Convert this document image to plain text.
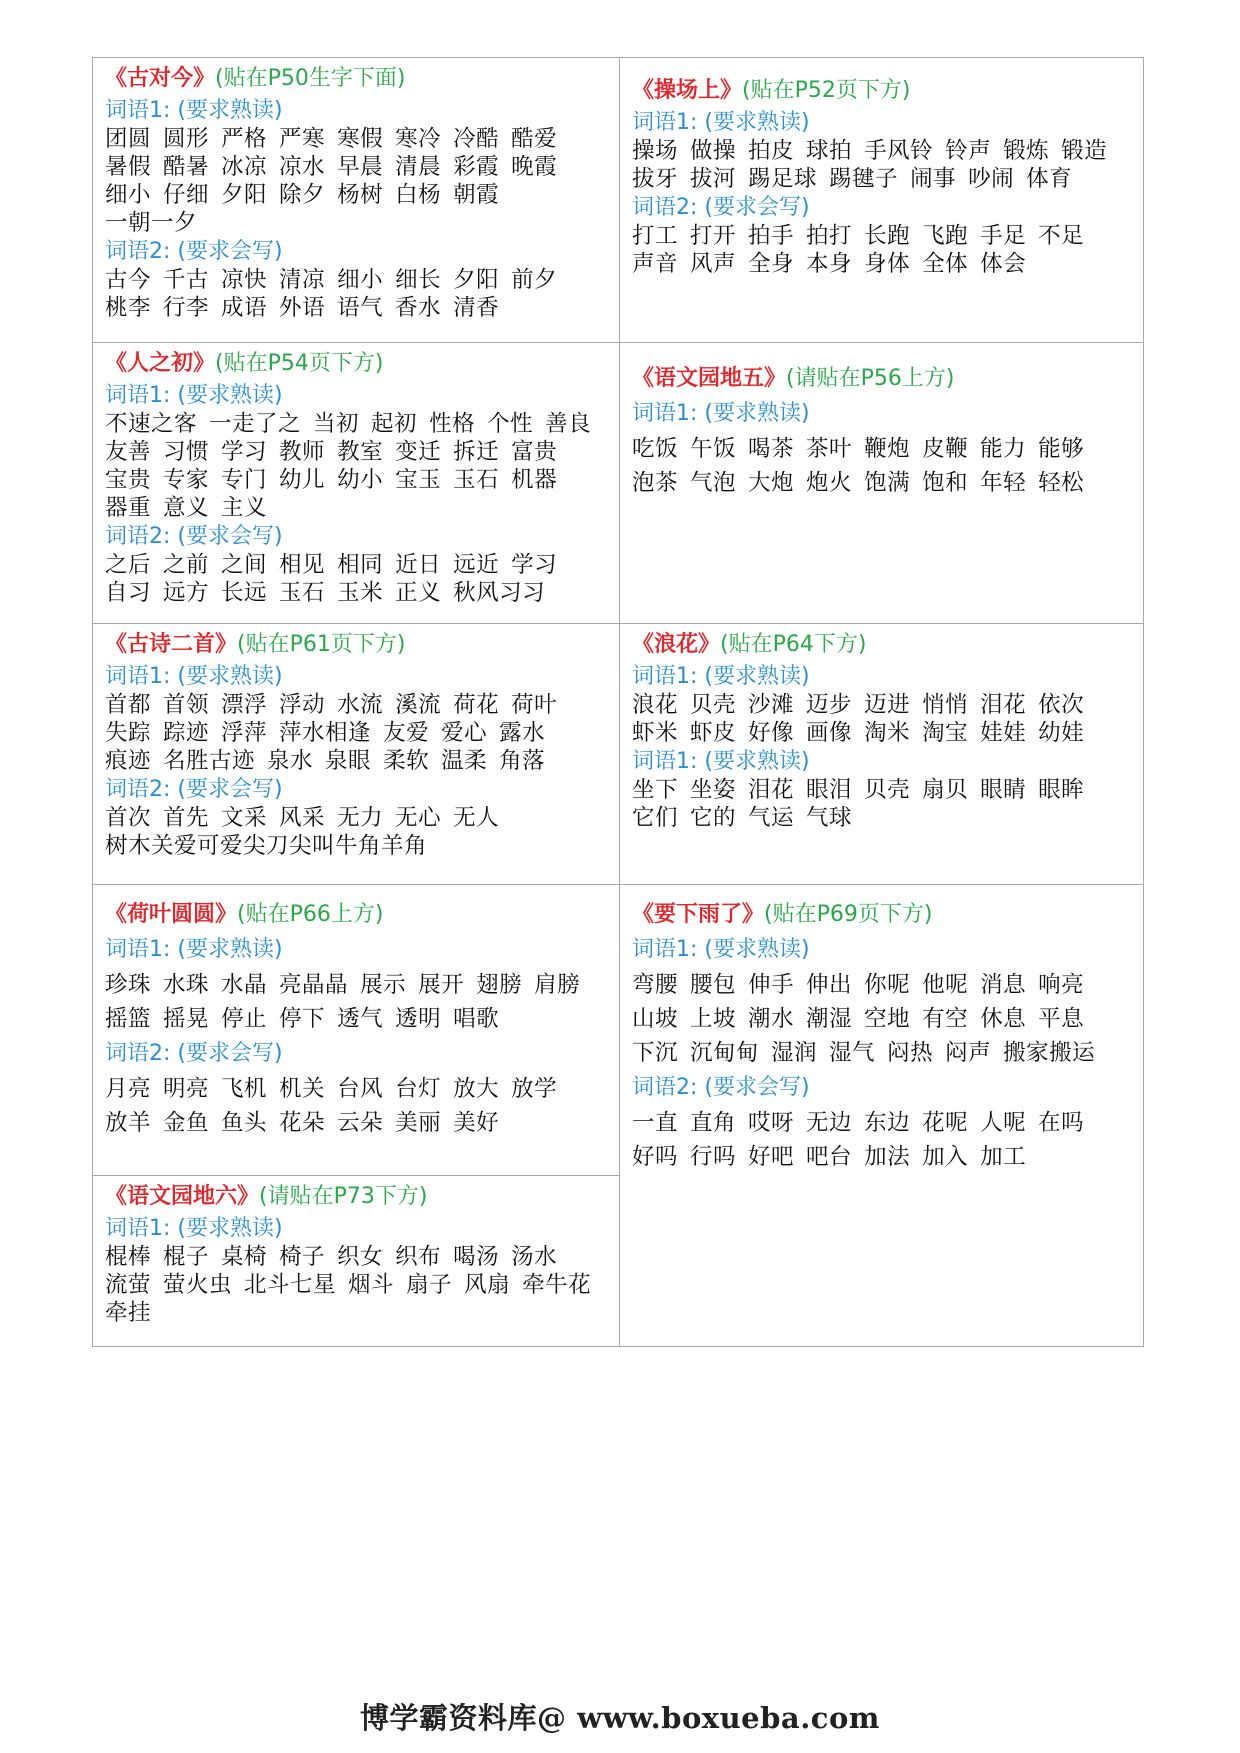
《古对今》(贴在P50生字下面)
词语1: (要求熟读)
团圆 圆形 严格 严寒 寒假 寒冷 冷酷 酷爱暑假 酷暑 冰凉 凉水 早晨 清晨 彩霞 晚霞细小 仔细 夕阳 除夕 杨树 白杨 朝霞一朝一夕
词语2: (要求会写)
古今 千古 凉快 清凉 细小 细长 夕阳 前夕桃李 行李 成语 外语 语气 香水 清香
《操场上》(贴在P52页下方)
词语1: (要求熟读)
操场 做操 拍皮 球拍 手风铃 铃声 锻炼 锻造拔牙 拔河 踢足球 踢毽子 闹事 吵闹 体育
词语2: (要求会写)
打工 打开 拍手 拍打 长跑 飞跑 手足 不足声音 风声 全身 本身 身体 全体 体会
《人之初》(贴在P54页下方)
词语1: (要求熟读)
不速之客 一走了之 当初 起初 性格 个性 善良友善 习惯 学习 教师 教室 变迁 拆迁 富贵宝贵 专家 专门 幼儿 幼小 宝玉 玉石 机器器重 意义 主义
词语2: (要求会写)
之后 之前 之间 相见 相同 近日 远近 学习自习 远方 长远 玉石 玉米 正义 秋风习习
《语文园地五》(请贴在P56上方)
词语1: (要求熟读)
吃饭 午饭 喝茶 茶叶 鞭炮 皮鞭 能力 能够泡茶 气泡 大炮 炮火 饱满 饱和 年轻 轻松
《古诗二首》(贴在P61页下方)
词语1: (要求熟读)
首都 首领 漂浮 浮动 水流 溪流 荷花 荷叶失踪 踪迹 浮萍 萍水相逢 友爱 爱心 露水痕迹 名胜古迹 泉水 泉眼 柔软 温柔 角落
词语2: (要求会写)
首次 首先 文采 风采 无力 无心 无人树木关爱可爱尖刀尖叫牛角羊角
《浪花》(贴在P64下方)
词语1: (要求熟读)
浪花 贝壳 沙滩 迈步 迈进 悄悄 泪花 依次虾米 虾皮 好像 画像 淘米 淘宝 娃娃 幼娃
词语1: (要求熟读)
坐下 坐姿 泪花 眼泪 贝壳 扇贝 眼睛 眼眸它们 它的 气运 气球
《荷叶圆圆》(贴在P66上方)
词语1: (要求熟读)
珍珠 水珠 水晶 亮晶晶 展示 展开 翅膀 肩膀摇篮 摇晃 停止 停下 透气 透明 唱歌
词语2: (要求会写)
月亮 明亮 飞机 机关 台风 台灯 放大 放学放羊 金鱼 鱼头 花朵 云朵 美丽 美好
《要下雨了》(贴在P69页下方)
词语1: (要求熟读)
弯腰 腰包 伸手 伸出 你呢 他呢 消息 响亮山坡 上坡 潮水 潮湿 空地 有空 休息 平息下沉 沉甸甸 湿润 湿气 闷热 闷声 搬家搬运
词语2: (要求会写)
一直 直角 哎呀 无边 东边 花呢 人呢 在吗好吗 行吗 好吧 吧台 加法 加入 加工
《语文园地六》(请贴在P73下方)
词语1: (要求熟读)
棍棒 棍子 桌椅 椅子 织女 织布 喝汤 汤水流萤 萤火虫 北斗七星 烟斗 扇子 风扇 牵牛花牵挂
博学霸资料库@ www.boxueba.com
